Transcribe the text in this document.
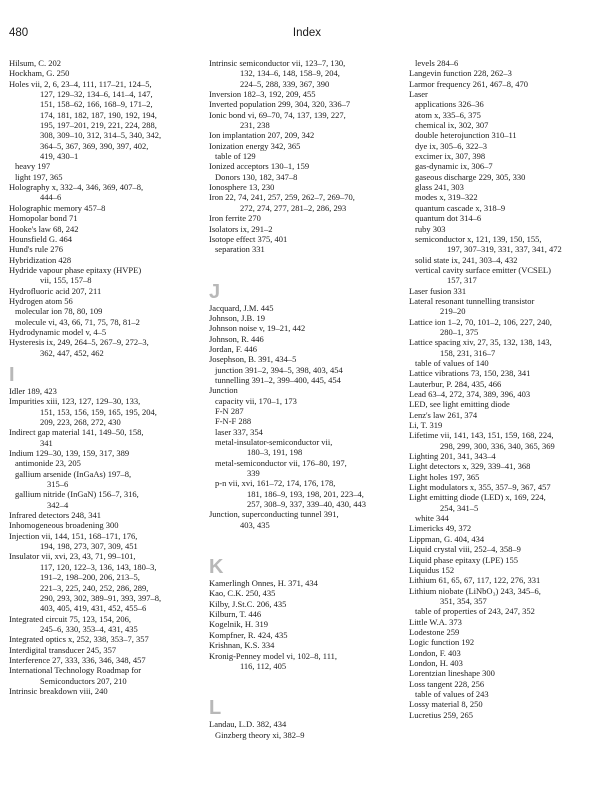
480	Index
Hilsum, C. 202
Hockham, G. 250
Holes vii, 2, 6, 23–4, 111, 117–21, 124–5,
127, 129–32, 134–6, 141–4, 147,
151, 158–62, 166, 168–9, 171–2,
174, 181, 182, 187, 190, 192, 194,
195, 197–201, 219, 221, 224, 288,
308, 309–10, 312, 314–5, 340, 342,
364–5, 367, 369, 390, 397, 402,
419, 430–1
heavy 197
light 197, 365
Holography x, 332–4, 346, 369, 407–8,
444–6
Holographic memory 457–8
Homopolar bond 71
Hooke's law 68, 242
Hounsfield G. 464
Hund's rule 276
Hybridization 428
Hydride vapour phase epitaxy (HVPE)
vii, 155, 157–8
Hydrofluoric acid 207, 211
Hydrogen atom 56
molecular ion 78, 80, 109
molecule vi, 43, 66, 71, 75, 78, 81–2
Hydrodynamic model v, 4–5
Hysteresis ix, 249, 264–5, 267–9, 272–3,
362, 447, 452, 462
I
Idler 189, 423
Impurities xiii, 123, 127, 129–30, 133,
151, 153, 156, 159, 165, 195, 204,
209, 223, 268, 272, 430
Indirect gap material 141, 149–50, 158,
341
Indium 129–30, 139, 159, 317, 389
antimonide 23, 205
gallium arsenide (InGaAs) 197–8,
315–6
gallium nitride (InGaN) 156–7, 316,
342–4
Infrared detectors 248, 341
Inhomogeneous broadening 300
Injection vii, 144, 151, 168–171, 176,
194, 198, 273, 307, 309, 451
Insulator vii, xvi, 23, 43, 71, 99–101,
117, 120, 122–3, 136, 143, 180–3,
191–2, 198–200, 206, 213–5,
221–3, 225, 240, 252, 286, 289,
290, 293, 302, 389–91, 393, 397–8,
403, 405, 419, 431, 452, 455–6
Integrated circuit 75, 123, 154, 206,
245–6, 330, 353–4, 431, 435
Integrated optics x, 252, 338, 353–7, 357
Interdigital transducer 245, 357
Interference 27, 333, 336, 346, 348, 457
International Technology Roadmap for
Semiconductors 207, 210
Intrinsic breakdown viii, 240
Intrinsic semiconductor vii, 123–7, 130,
132, 134–6, 148, 158–9, 204,
224–5, 288, 339, 367, 390
Inversion 182–3, 192, 209, 455
Inverted population 299, 304, 320, 336–7
Ionic bond vi, 69–70, 74, 137, 139, 227,
231, 238
Ion implantation 207, 209, 342
Ionization energy 342, 365
table of 129
Ionized acceptors 130–1, 159
Donors 130, 182, 347–8
Ionosphere 13, 230
Iron 22, 74, 241, 257, 259, 262–7, 269–70,
272, 274, 277, 281–2, 286, 293
Iron ferrite 270
Isolators ix, 291–2
Isotope effect 375, 401
separation 331
J
Jacquard, J.M. 445
Johnson, J.B. 19
Johnson noise v, 19–21, 442
Johnson, R. 446
Jordan, F. 446
Josephson, B. 391, 434–5
junction 391–2, 394–5, 398, 403, 454
tunnelling 391–2, 399–400, 445, 454
Junction
capacity vii, 170–1, 173
F-N 287
F-N-F 288
laser 337, 354
metal-insulator-semiconductor vii,
180–3, 191, 198
metal-semiconductor vii, 176–80, 197,
339
p-n vii, xvi, 161–72, 174, 176, 178,
181, 186–9, 193, 198, 201, 223–4,
257, 308–9, 337, 339–40, 430, 443
Junction, superconducting tunnel 391,
403, 435
K
Kamerlingh Onnes, H. 371, 434
Kao, C.K. 250, 435
Kilby, J.St.C. 206, 435
Kilburn, T. 446
Kogelnik, H. 319
Kompfner, R. 424, 435
Krishnan, K.S. 334
Kronig-Penney model vi, 102–8, 111,
116, 112, 405
L
Landau, L.D. 382, 434
Ginzberg theory xi, 382–9
levels 284–6
Langevin function 228, 262–3
Larmor frequency 261, 467–8, 470
Laser
applications 326–36
atom x, 335–6, 375
chemical ix, 302, 307
double heterojunction 310–11
dye ix, 305–6, 322–3
excimer ix, 307, 398
gas-dynamic ix, 306–7
gaseous discharge 229, 305, 330
glass 241, 303
modes x, 319–322
quantum cascade x, 318–9
quantum dot 314–6
ruby 303
semiconductor x, 121, 139, 150, 155,
197, 307–319, 331, 337, 341, 472
solid state ix, 241, 303–4, 432
vertical cavity surface emitter (VCSEL)
157, 317
Laser fusion 331
Lateral resonant tunnelling transistor
219–20
Lattice ion 1–2, 70, 101–2, 106, 227, 240,
280–1, 375
Lattice spacing xiv, 27, 35, 132, 138, 143,
158, 231, 316–7
table of values of 140
Lattice vibrations 73, 150, 238, 341
Lauterbur, P. 284, 435, 466
Lead 63–4, 272, 374, 389, 396, 403
LED, see light emitting diode
Lenz's law 261, 374
Li, T. 319
Lifetime vii, 141, 143, 151, 159, 168, 224,
298, 299, 300, 336, 340, 365, 369
Lighting 201, 341, 343–4
Light detectors x, 329, 339–41, 368
Light holes 197, 365
Light modulators x, 355, 357–9, 367, 457
Light emitting diode (LED) x, 169, 224,
254, 341–5
white 344
Limericks 49, 372
Lippman, G. 404, 434
Liquid crystal viii, 252–4, 358–9
Liquid phase epitaxy (LPE) 155
Liquidus 152
Lithium 61, 65, 67, 117, 122, 276, 331
Lithium niobate (LiNbO₃) 243, 345–6,
351, 354, 357
table of properties of 243, 247, 352
Little W.A. 373
Lodestone 259
Logic function 192
London, F. 403
London, H. 403
Lorentzian lineshape 300
Loss tangent 228, 256
table of values of 243
Lossy material 8, 250
Lucretius 259, 265
